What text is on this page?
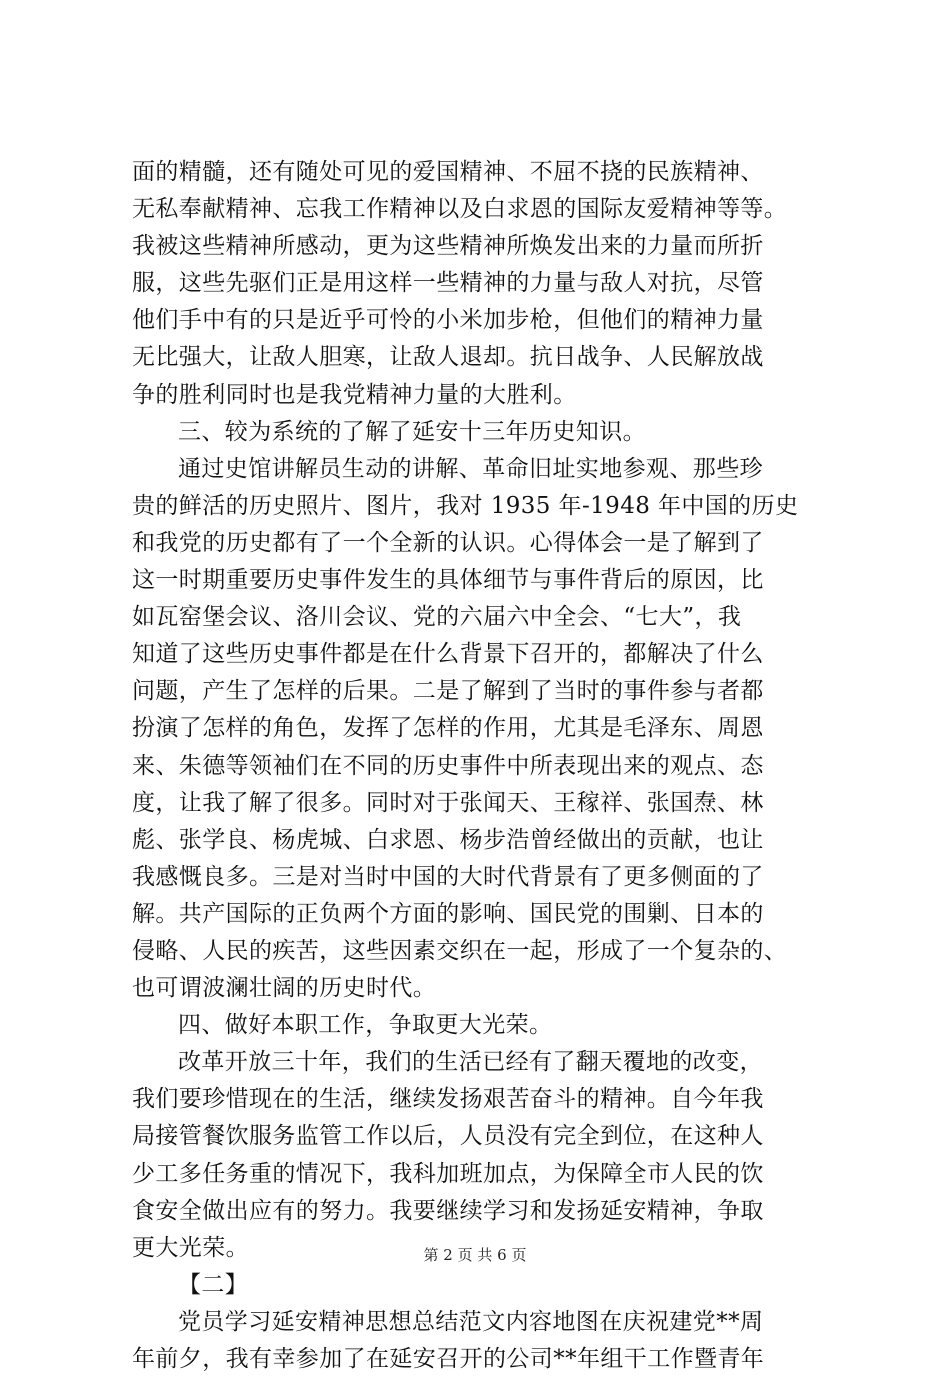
面的精髓，还有随处可见的爱国精神、不屈不挠的民族精神、
无私奉献精神、忘我工作精神以及白求恩的国际友爱精神等等。
我被这些精神所感动，更为这些精神所焕发出来的力量而所折
服，这些先驱们正是用这样一些精神的力量与敌人对抗，尽管
他们手中有的只是近乎可怜的小米加步枪，但他们的精神力量
无比强大，让敌人胆寒，让敌人退却。抗日战争、人民解放战
争的胜利同时也是我党精神力量的大胜利。
三、较为系统的了解了延安十三年历史知识。
通过史馆讲解员生动的讲解、革命旧址实地参观、那些珍
贵的鲜活的历史照片、图片，我对 1935 年-1948 年中国的历史
和我党的历史都有了一个全新的认识。心得体会一是了解到了
这一时期重要历史事件发生的具体细节与事件背后的原因，比
如瓦窑堡会议、洛川会议、党的六届六中全会、“七大”，我
知道了这些历史事件都是在什么背景下召开的，都解决了什么
问题，产生了怎样的后果。二是了解到了当时的事件参与者都
扮演了怎样的角色，发挥了怎样的作用，尤其是毛泽东、周恩
来、朱德等领袖们在不同的历史事件中所表现出来的观点、态
度，让我了解了很多。同时对于张闻天、王稼祥、张国焘、林
彪、张学良、杨虎城、白求恩、杨步浩曾经做出的贡献，也让
我感慨良多。三是对当时中国的大时代背景有了更多侧面的了
解。共产国际的正负两个方面的影响、国民党的围剿、日本的
侵略、人民的疾苦，这些因素交织在一起，形成了一个复杂的、
也可谓波澜壮阔的历史时代。
四、做好本职工作，争取更大光荣。
改革开放三十年，我们的生活已经有了翻天覆地的改变，
我们要珍惜现在的生活，继续发扬艰苦奋斗的精神。自今年我
局接管餐饮服务监管工作以后，人员没有完全到位，在这种人
少工多任务重的情况下，我科加班加点，为保障全市人民的饮
食安全做出应有的努力。我要继续学习和发扬延安精神，争取
更大光荣。
【二】
党员学习延安精神思想总结范文内容地图在庆祝建党**周
年前夕，我有幸参加了在延安召开的公司**年组干工作暨青年
第 2 页 共 6 页
